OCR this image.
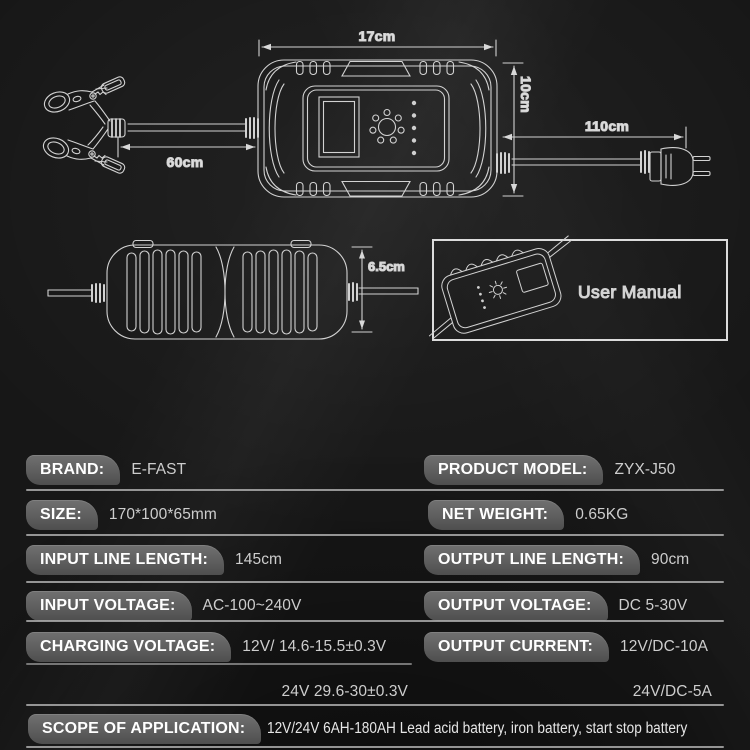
17cm
10cm
60cm
110cm
6.5cm
User Manual
BRAND: E-FAST	PRODUCT MODEL: ZYX-J50
SIZE: 170*100*65mm	NET WEIGHT: 0.65KG
INPUT LINE LENGTH: 145cm	OUTPUT LINE LENGTH: 90cm
INPUT VOLTAGE: AC-100~240V	OUTPUT VOLTAGE: DC 5-30V
CHARGING VOLTAGE: 12V/ 14.6-15.5±0.3V	OUTPUT CURRENT: 12V/DC-10A
24V 29.6-30±0.3V	24V/DC-5A
SCOPE OF APPLICATION: 12V/24V 6AH-180AH Lead acid battery, iron battery, start stop battery
